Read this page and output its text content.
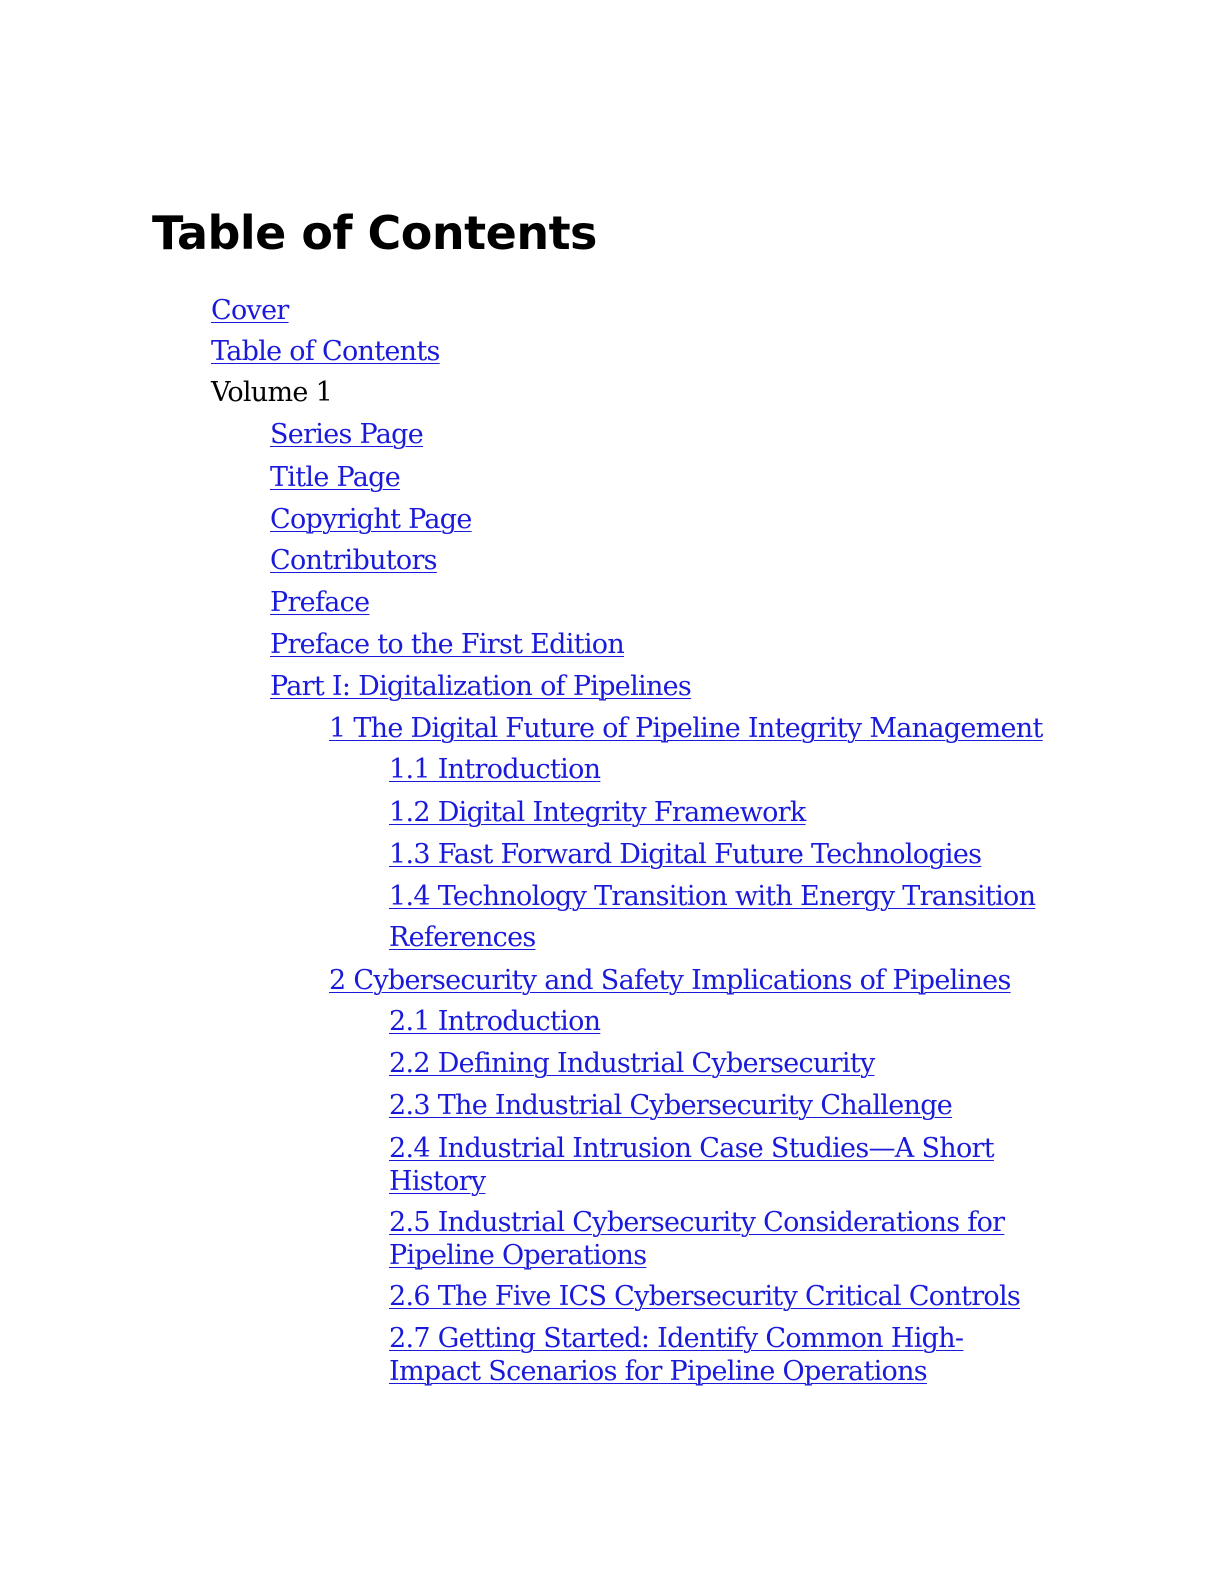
Table of Contents
Cover
Table of Contents
Volume 1
Series Page
Title Page
Copyright Page
Contributors
Preface
Preface to the First Edition
Part I: Digitalization of Pipelines
1 The Digital Future of Pipeline Integrity Management
1.1 Introduction
1.2 Digital Integrity Framework
1.3 Fast Forward Digital Future Technologies
1.4 Technology Transition with Energy Transition
References
2 Cybersecurity and Safety Implications of Pipelines
2.1 Introduction
2.2 Defining Industrial Cybersecurity
2.3 The Industrial Cybersecurity Challenge
2.4 Industrial Intrusion Case Studies—A Short History
2.5 Industrial Cybersecurity Considerations for Pipeline Operations
2.6 The Five ICS Cybersecurity Critical Controls
2.7 Getting Started: Identify Common High-Impact Scenarios for Pipeline Operations
